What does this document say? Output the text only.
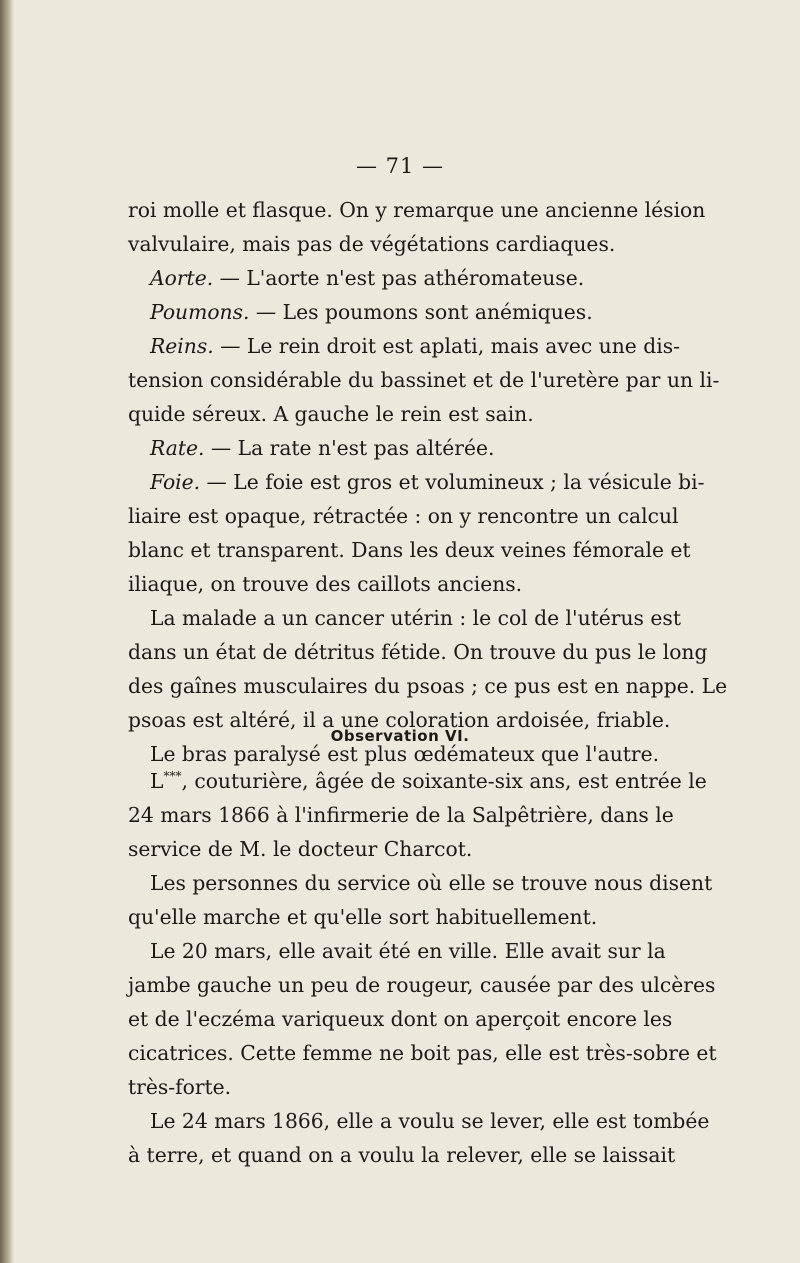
— 71 —
roi molle et flasque. On y remarque une ancienne lésion
valvulaire, mais pas de végétations cardiaques.
Aorte. — L'aorte n'est pas athéromateuse.
Poumons. — Les poumons sont anémiques.
Reins. — Le rein droit est aplati, mais avec une dis-
tension considérable du bassinet et de l'uretère par un li-
quide séreux. A gauche le rein est sain.
Rate. — La rate n'est pas altérée.
Foie. — Le foie est gros et volumineux ; la vésicule bi-
liaire est opaque, rétractée : on y rencontre un calcul
blanc et transparent. Dans les deux veines fémorale et
iliaque, on trouve des caillots anciens.
La malade a un cancer utérin : le col de l'utérus est
dans un état de détritus fétide. On trouve du pus le long
des gaînes musculaires du psoas ; ce pus est en nappe. Le
psoas est altéré, il a une coloration ardoisée, friable.
Le bras paralysé est plus œdémateux que l'autre.
Observation VI.
L***, couturière, âgée de soixante-six ans, est entrée le
24 mars 1866 à l'infirmerie de la Salpêtrière, dans le
service de M. le docteur Charcot.
Les personnes du service où elle se trouve nous disent
qu'elle marche et qu'elle sort habituellement.
Le 20 mars, elle avait été en ville. Elle avait sur la
jambe gauche un peu de rougeur, causée par des ulcères
et de l'eczéma variqueux dont on aperçoit encore les
cicatrices. Cette femme ne boit pas, elle est très-sobre et
très-forte.
Le 24 mars 1866, elle a voulu se lever, elle est tombée
à terre, et quand on a voulu la relever, elle se laissait
